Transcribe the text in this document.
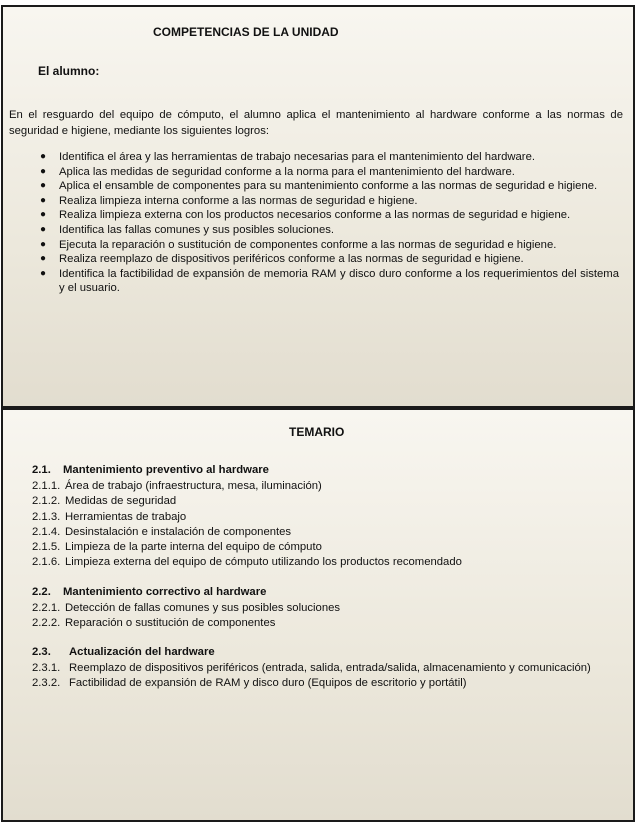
COMPETENCIAS DE LA UNIDAD
El alumno:
En el resguardo del equipo de cómputo, el alumno aplica el mantenimiento al hardware conforme a las normas de seguridad e higiene, mediante los siguientes logros:
● Identifica el área y las herramientas de trabajo necesarias para el mantenimiento del hardware.
● Aplica las medidas de seguridad conforme a la norma para el mantenimiento del hardware.
● Aplica el ensamble de componentes para su mantenimiento conforme a las normas de seguridad e higiene.
● Realiza limpieza interna conforme a las normas de seguridad e higiene.
● Realiza limpieza externa con los productos necesarios conforme a las normas de seguridad e higiene.
● Identifica las fallas comunes y sus posibles soluciones.
● Ejecuta la reparación o sustitución de componentes conforme a las normas de seguridad e higiene.
● Realiza reemplazo de dispositivos periféricos conforme a las normas de seguridad e higiene.
● Identifica la factibilidad de expansión de memoria RAM y disco duro conforme a los requerimientos del sistema y el usuario.
TEMARIO
2.1. Mantenimiento preventivo al hardware
2.1.1. Área de trabajo (infraestructura, mesa, iluminación)
2.1.2. Medidas de seguridad
2.1.3. Herramientas de trabajo
2.1.4. Desinstalación e instalación de componentes
2.1.5. Limpieza de la parte interna del equipo de cómputo
2.1.6. Limpieza externa del equipo de cómputo utilizando los productos recomendado
2.2. Mantenimiento correctivo al hardware
2.2.1. Detección de fallas comunes y sus posibles soluciones
2.2.2. Reparación o sustitución de componentes
2.3. Actualización del hardware
2.3.1. Reemplazo de dispositivos periféricos (entrada, salida, entrada/salida, almacenamiento y comunicación)
2.3.2. Factibilidad de expansión de RAM y disco duro (Equipos de escritorio y portátil)
